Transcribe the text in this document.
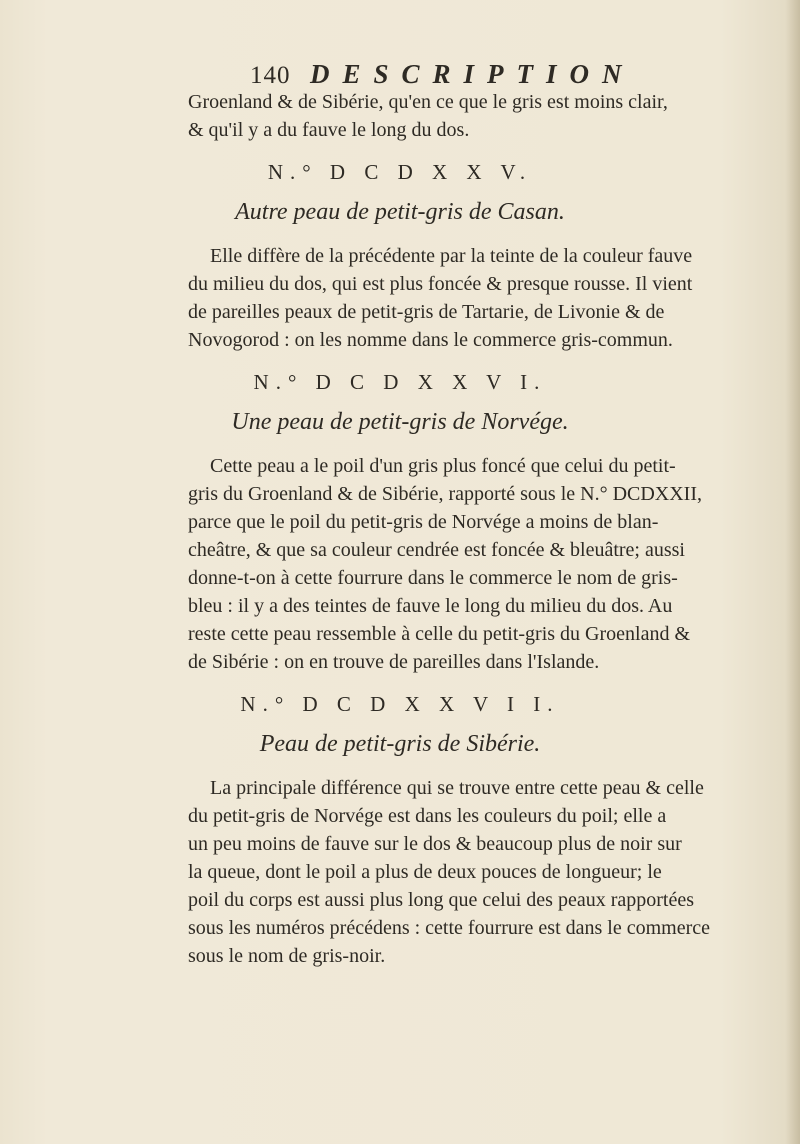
140 DESCRIPTION
Groenland & de Sibérie, qu'en ce que le gris est moins clair,
& qu'il y a du fauve le long du dos.
N.° D C D X X V.
Autre peau de petit-gris de Casan.
Elle diffère de la précédente par la teinte de la couleur fauve
du milieu du dos, qui est plus foncée & presque rousse. Il vient
de pareilles peaux de petit-gris de Tartarie, de Livonie & de
Novogorod : on les nomme dans le commerce gris-commun.
N.° D C D X X V I.
Une peau de petit-gris de Norvége.
Cette peau a le poil d'un gris plus foncé que celui du petit-
gris du Groenland & de Sibérie, rapporté sous le N.° DCDXXII,
parce que le poil du petit-gris de Norvége a moins de blan-
cheâtre, & que sa couleur cendrée est foncée & bleuâtre; aussi
donne-t-on à cette fourrure dans le commerce le nom de gris-
bleu : il y a des teintes de fauve le long du milieu du dos. Au
reste cette peau ressemble à celle du petit-gris du Groenland &
de Sibérie : on en trouve de pareilles dans l'Islande.
N.° D C D X X V I I.
Peau de petit-gris de Sibérie.
La principale différence qui se trouve entre cette peau & celle
du petit-gris de Norvége est dans les couleurs du poil; elle a
un peu moins de fauve sur le dos & beaucoup plus de noir sur
la queue, dont le poil a plus de deux pouces de longueur; le
poil du corps est aussi plus long que celui des peaux rapportées
sous les numéros précédens : cette fourrure est dans le commerce
sous le nom de gris-noir.
